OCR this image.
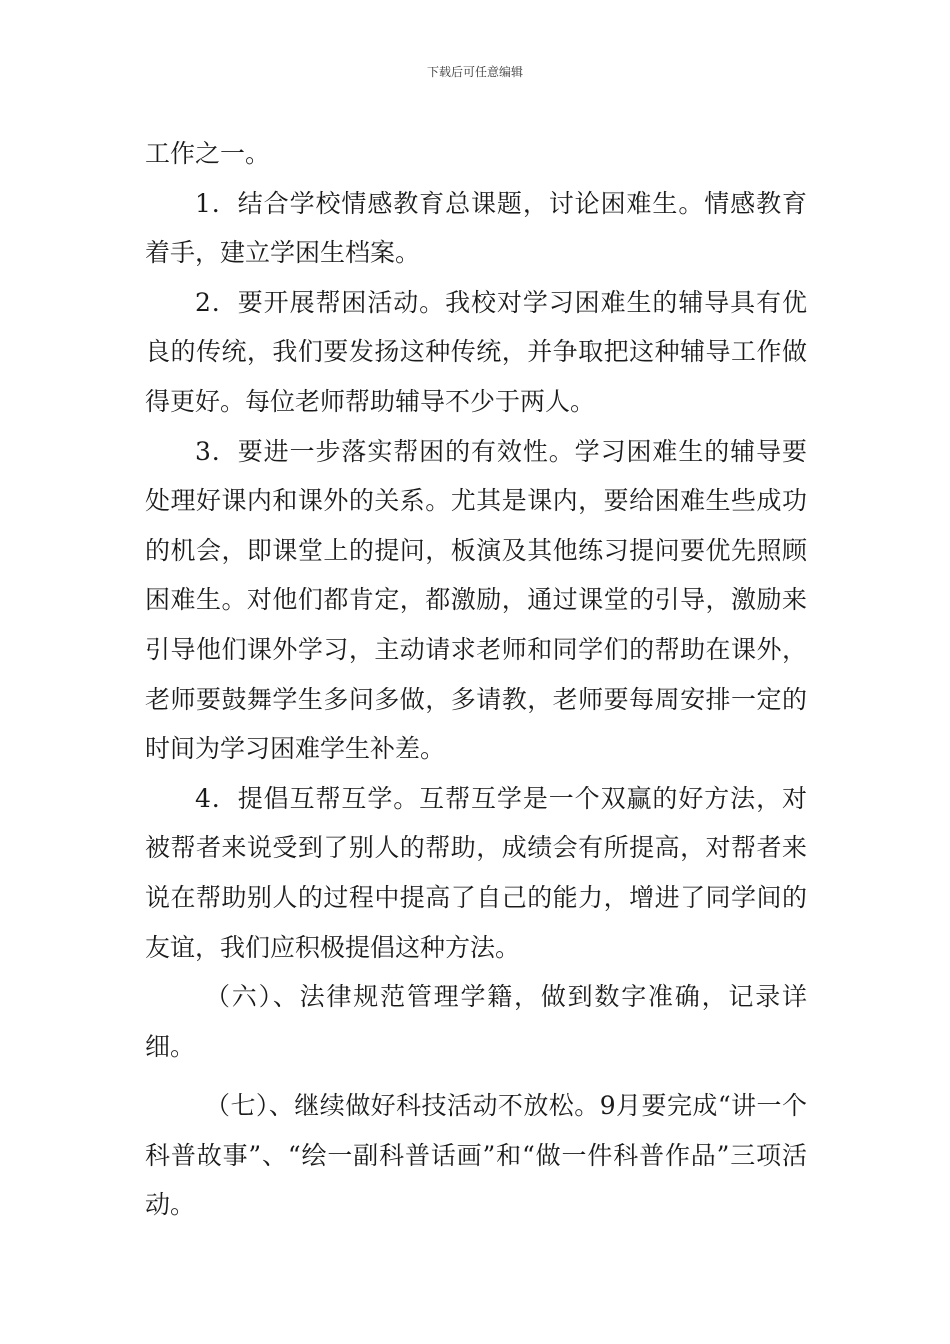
下载后可任意编辑

工作之一。

1．结合学校情感教育总课题，讨论困难生。情感教育着手，建立学困生档案。

2．要开展帮困活动。我校对学习困难生的辅导具有优良的传统，我们要发扬这种传统，并争取把这种辅导工作做得更好。每位老师帮助辅导不少于两人。

3．要进一步落实帮困的有效性。学习困难生的辅导要处理好课内和课外的关系。尤其是课内，要给困难生些成功的机会，即课堂上的提问，板演及其他练习提问要优先照顾困难生。对他们都肯定，都激励，通过课堂的引导，激励来引导他们课外学习，主动请求老师和同学们的帮助在课外，老师要鼓舞学生多问多做，多请教，老师要每周安排一定的时间为学习困难学生补差。

4．提倡互帮互学。互帮互学是一个双赢的好方法，对被帮者来说受到了别人的帮助，成绩会有所提高，对帮者来说在帮助别人的过程中提高了自己的能力，增进了同学间的友谊，我们应积极提倡这种方法。

（六）、法律规范管理学籍，做到数字准确，记录详细。

（七）、继续做好科技活动不放松。9月要完成“讲一个科普故事”、“绘一副科普话画”和“做一件科普作品”三项活动。
